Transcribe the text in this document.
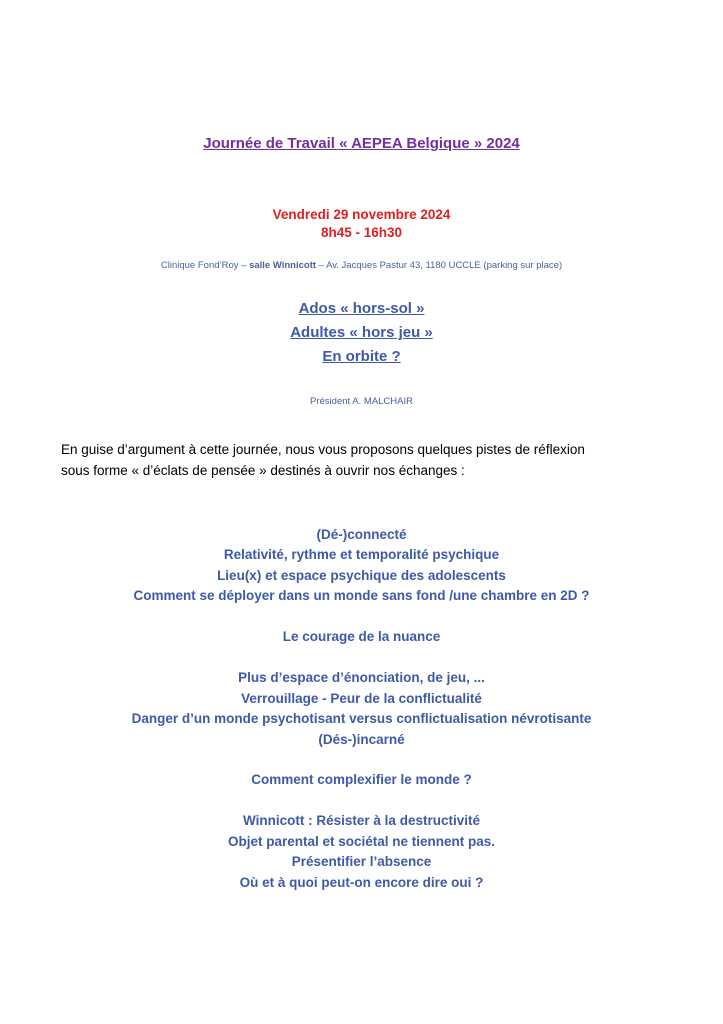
Journée de Travail « AEPEA Belgique » 2024
Vendredi 29 novembre 2024
8h45 - 16h30
Clinique Fond’Roy – salle Winnicott – Av. Jacques Pastur 43, 1180 UCCLE (parking sur place)
Ados « hors-sol »
Adultes « hors jeu »
En orbite ?
Président A. MALCHAIR
En guise d’argument à cette journée, nous vous proposons quelques pistes de réflexion
sous forme « d’éclats de pensée » destinés à ouvrir nos échanges :
(Dé-)connecté
Relativité, rythme et temporalité psychique
Lieu(x) et espace psychique des adolescents
Comment se déployer dans un monde sans fond /une chambre en 2D ?
Le courage de la nuance
Plus d’espace d’énonciation, de jeu, ...
Verrouillage - Peur de la conflictualité
Danger d’un monde psychotisant versus conflictualisation névrotisante
(Dés-)incarné
Comment complexifier le monde ?
Winnicott : Résister à la destructivité
Objet parental et sociétal ne tiennent pas.
Présentifier l’absence
Où et à quoi peut-on encore dire oui ?
